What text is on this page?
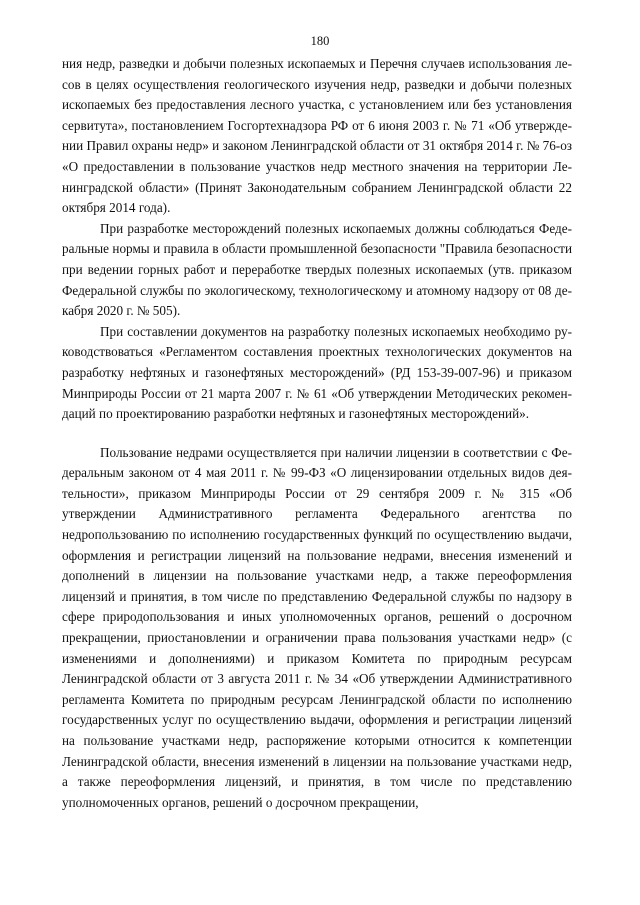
180

ния недр, разведки и добычи полезных ископаемых и Перечня случаев использования лесов в целях осуществления геологического изучения недр, разведки и добычи полезных ископаемых без предоставления лесного участка, с установлением или без установления сервитута», постановлением Госгортехнадзора РФ от 6 июня 2003 г. № 71 «Об утверждении Правил охраны недр» и законом Ленинградской области от 31 октября 2014 г. № 76-оз «О предоставлении в пользование участков недр местного значения на территории Ленинградской области» (Принят Законодательным собранием Ленинградской области 22 октября 2014 года).

При разработке месторождений полезных ископаемых должны соблюдаться Федеральные нормы и правила в области промышленной безопасности "Правила безопасности при ведении горных работ и переработке твердых полезных ископаемых (утв. приказом Федеральной службы по экологическому, технологическому и атомному надзору от 08 декабря 2020 г. № 505).

При составлении документов на разработку полезных ископаемых необходимо руководствоваться «Регламентом составления проектных технологических документов на разработку нефтяных и газонефтяных месторождений» (РД 153-39-007-96) и приказом Минприроды России от 21 марта 2007 г. № 61 «Об утверждении Методических рекомендаций по проектированию разработки нефтяных и газонефтяных месторождений».

Пользование недрами осуществляется при наличии лицензии в соответствии с Федеральным законом от 4 мая 2011 г. № 99-ФЗ «О лицензировании отдельных видов деятельности», приказом Минприроды России от 29 сентября 2009 г. № 315 «Об утверждении Административного регламента Федерального агентства по недропользованию по исполнению государственных функций по осуществлению выдачи, оформления и регистрации лицензий на пользование недрами, внесения изменений и дополнений в лицензии на пользование участками недр, а также переоформления лицензий и принятия, в том числе по представлению Федеральной службы по надзору в сфере природопользования и иных уполномоченных органов, решений о досрочном прекращении, приостановлении и ограничении права пользования участками недр» (с изменениями и дополнениями) и приказом Комитета по природным ресурсам Ленинградской области от 3 августа 2011 г. № 34 «Об утверждении Административного регламента Комитета по природным ресурсам Ленинградской области по исполнению государственных услуг по осуществлению выдачи, оформления и регистрации лицензий на пользование участками недр, распоряжение которыми относится к компетенции Ленинградской области, внесения изменений в лицензии на пользование участками недр, а также переоформления лицензий, и принятия, в том числе по представлению уполномоченных органов, решений о досрочном прекращении,
